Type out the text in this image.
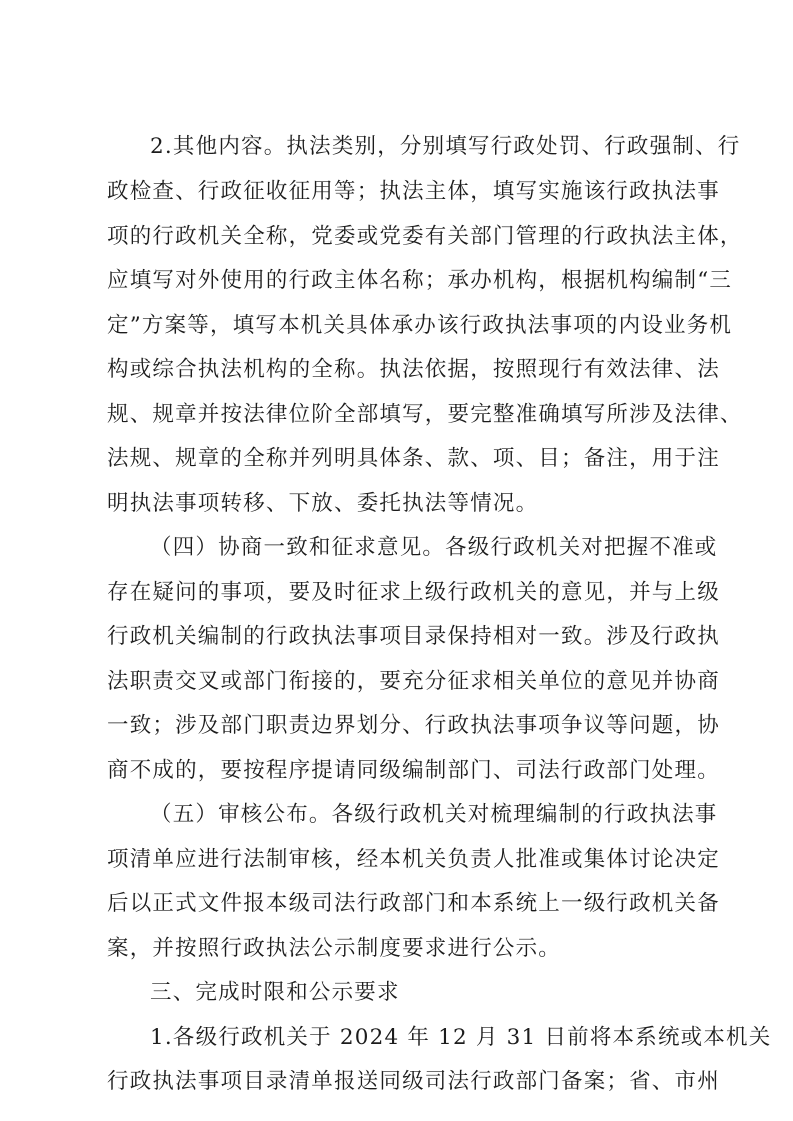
2.其他内容。执法类别，分别填写行政处罚、行政强制、行

政检查、行政征收征用等；执法主体，填写实施该行政执法事

项的行政机关全称，党委或党委有关部门管理的行政执法主体，

应填写对外使用的行政主体名称；承办机构，根据机构编制“三

定”方案等，填写本机关具体承办该行政执法事项的内设业务机

构或综合执法机构的全称。执法依据，按照现行有效法律、法

规、规章并按法律位阶全部填写，要完整准确填写所涉及法律、

法规、规章的全称并列明具体条、款、项、目；备注，用于注

明执法事项转移、下放、委托执法等情况。

（四）协商一致和征求意见。各级行政机关对把握不准或

存在疑问的事项，要及时征求上级行政机关的意见，并与上级

行政机关编制的行政执法事项目录保持相对一致。涉及行政执

法职责交叉或部门衔接的，要充分征求相关单位的意见并协商

一致；涉及部门职责边界划分、行政执法事项争议等问题，协

商不成的，要按程序提请同级编制部门、司法行政部门处理。

（五）审核公布。各级行政机关对梳理编制的行政执法事

项清单应进行法制审核，经本机关负责人批准或集体讨论决定

后以正式文件报本级司法行政部门和本系统上一级行政机关备

案，并按照行政执法公示制度要求进行公示。

三、完成时限和公示要求

1.各级行政机关于 2024 年 12 月 31 日前将本系统或本机关

行政执法事项目录清单报送同级司法行政部门备案；省、市州
